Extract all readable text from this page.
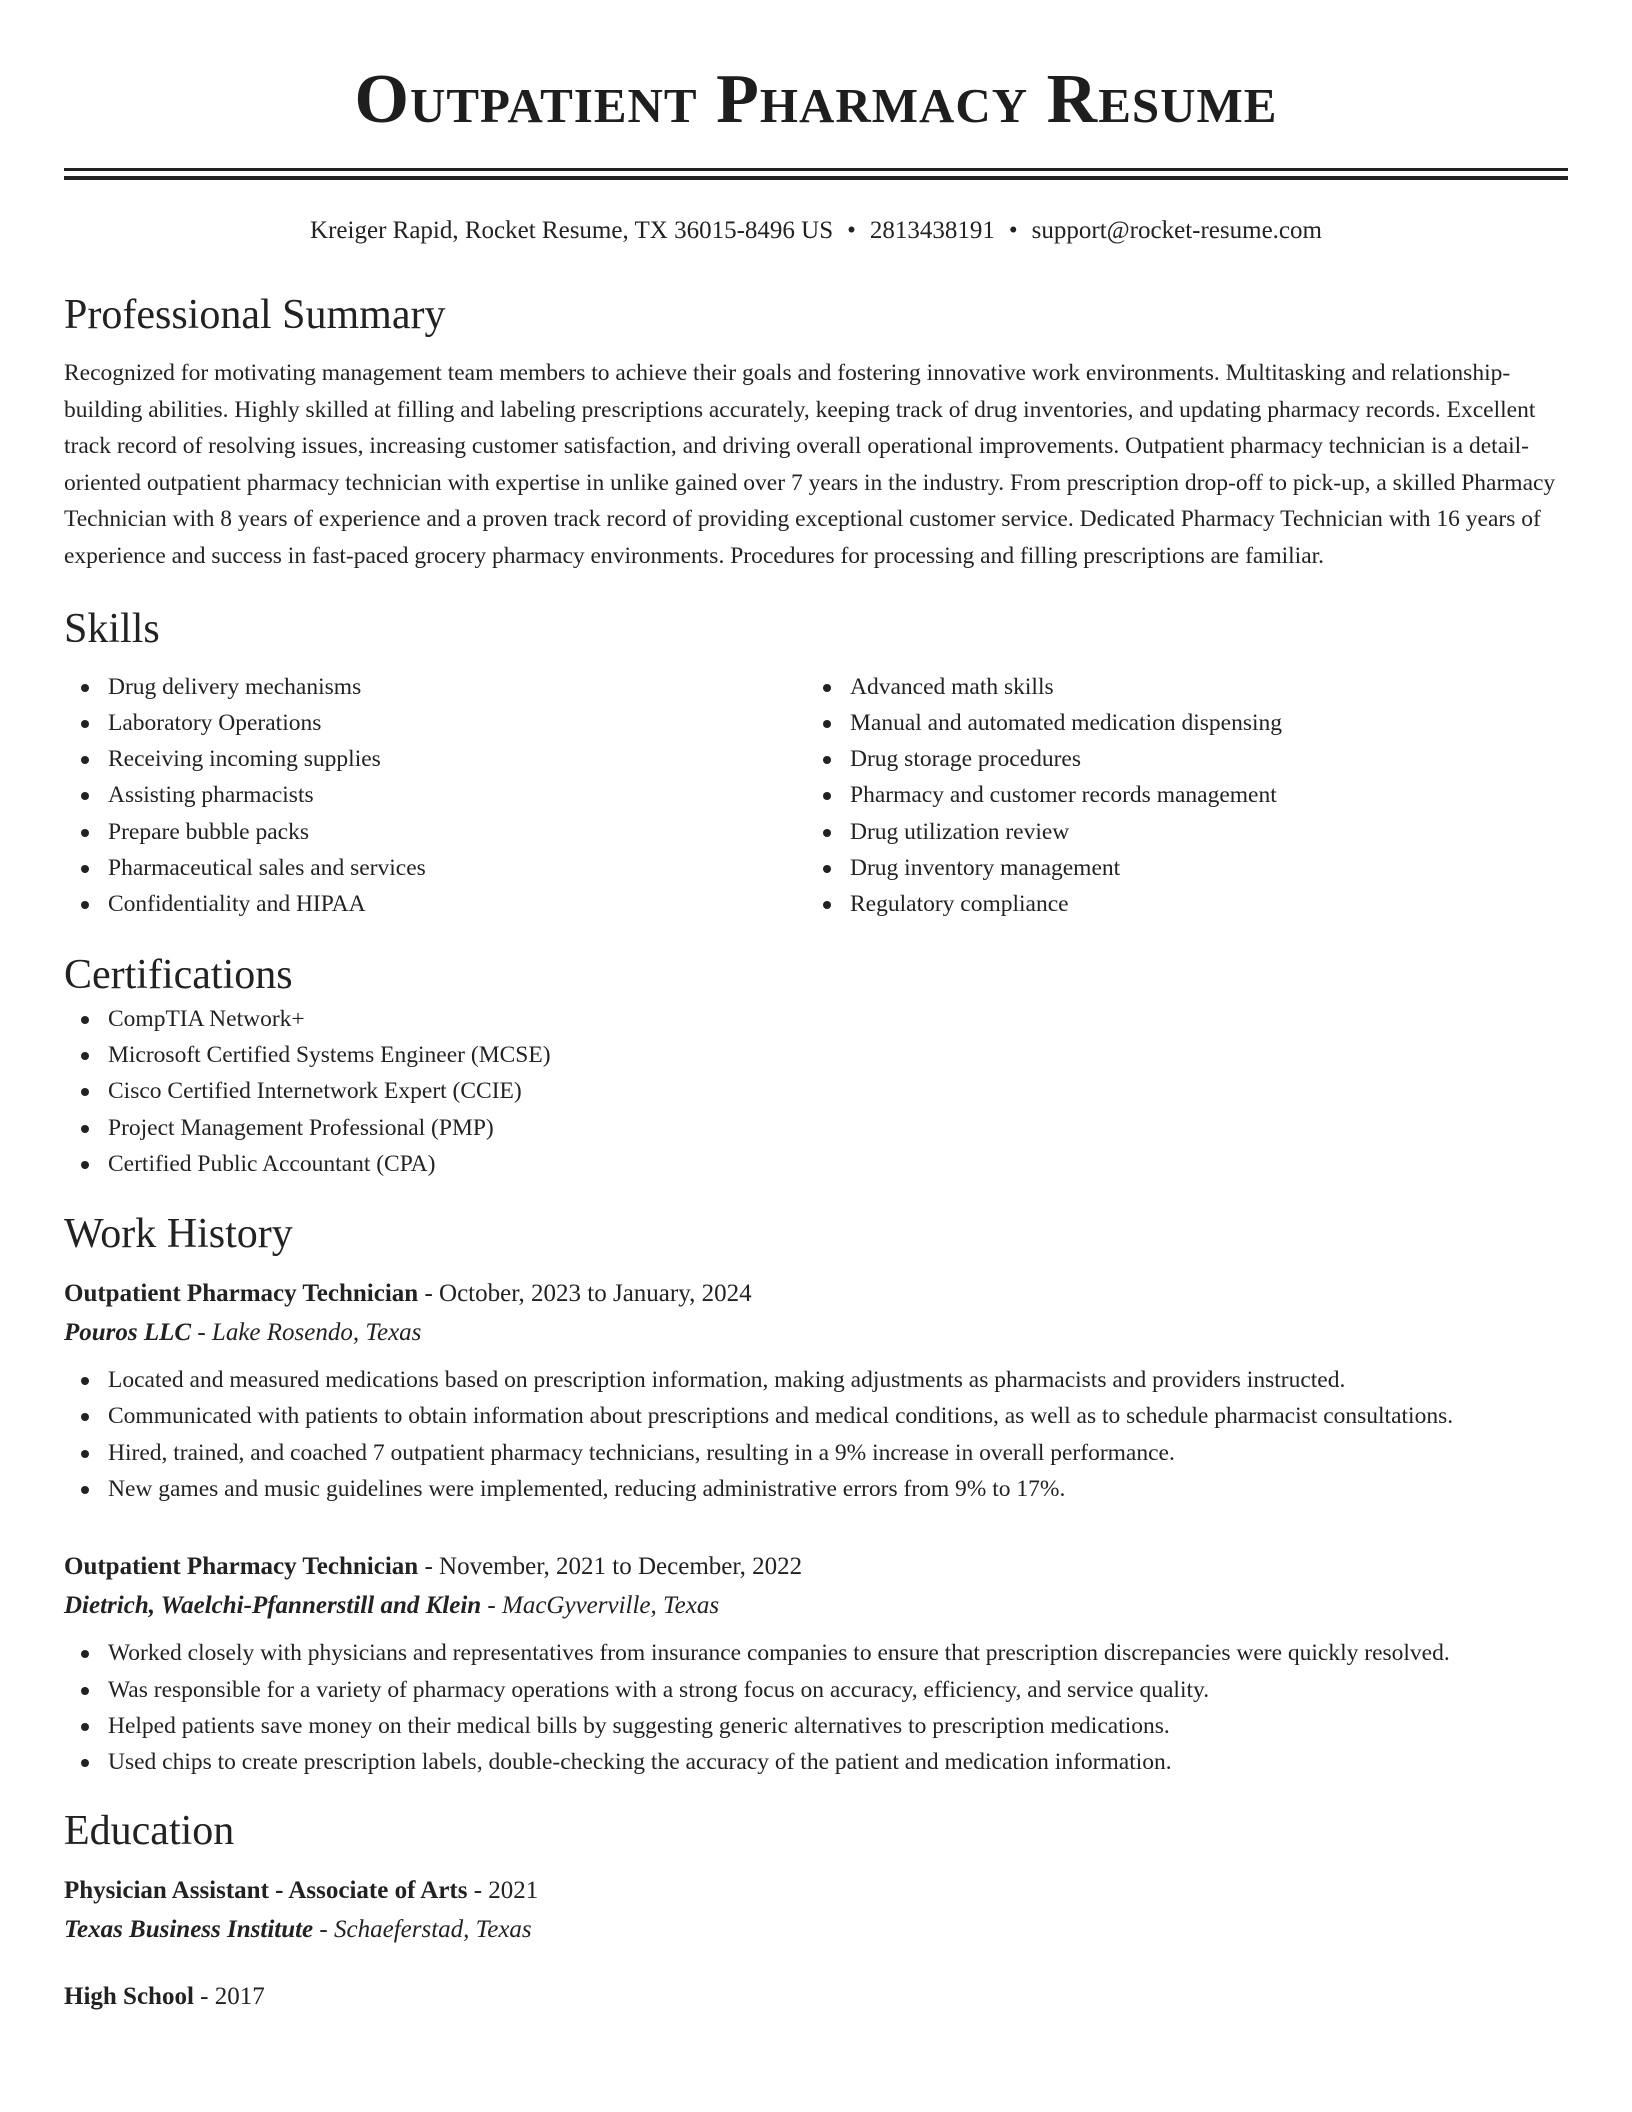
Outpatient Pharmacy Resume
Kreiger Rapid, Rocket Resume, TX 36015-8496 US • 2813438191 • support@rocket-resume.com
Professional Summary

Recognized for motivating management team members to achieve their goals and fostering innovative work environments. Multitasking and relationship-building abilities. Highly skilled at filling and labeling prescriptions accurately, keeping track of drug inventories, and updating pharmacy records. Excellent track record of resolving issues, increasing customer satisfaction, and driving overall operational improvements. Outpatient pharmacy technician is a detail-oriented outpatient pharmacy technician with expertise in unlike gained over 7 years in the industry. From prescription drop-off to pick-up, a skilled Pharmacy Technician with 8 years of experience and a proven track record of providing exceptional customer service. Dedicated Pharmacy Technician with 16 years of experience and success in fast-paced grocery pharmacy environments. Procedures for processing and filling prescriptions are familiar.

Skills
Drug delivery mechanisms
Laboratory Operations
Receiving incoming supplies
Assisting pharmacists
Prepare bubble packs
Pharmaceutical sales and services
Confidentiality and HIPAA
Advanced math skills
Manual and automated medication dispensing
Drug storage procedures
Pharmacy and customer records management
Drug utilization review
Drug inventory management
Regulatory compliance
Certifications
CompTIA Network+
Microsoft Certified Systems Engineer (MCSE)
Cisco Certified Internetwork Expert (CCIE)
Project Management Professional (PMP)
Certified Public Accountant (CPA)
Work History
Outpatient Pharmacy Technician - October, 2023 to January, 2024
Pouros LLC - Lake Rosendo, Texas
Located and measured medications based on prescription information, making adjustments as pharmacists and providers instructed.
Communicated with patients to obtain information about prescriptions and medical conditions, as well as to schedule pharmacist consultations.
Hired, trained, and coached 7 outpatient pharmacy technicians, resulting in a 9% increase in overall performance.
New games and music guidelines were implemented, reducing administrative errors from 9% to 17%.
Outpatient Pharmacy Technician - November, 2021 to December, 2022
Dietrich, Waelchi-Pfannerstill and Klein - MacGyverville, Texas
Worked closely with physicians and representatives from insurance companies to ensure that prescription discrepancies were quickly resolved.
Was responsible for a variety of pharmacy operations with a strong focus on accuracy, efficiency, and service quality.
Helped patients save money on their medical bills by suggesting generic alternatives to prescription medications.
Used chips to create prescription labels, double-checking the accuracy of the patient and medication information.
Education
Physician Assistant - Associate of Arts - 2021
Texas Business Institute - Schaeferstad, Texas
High School - 2017
